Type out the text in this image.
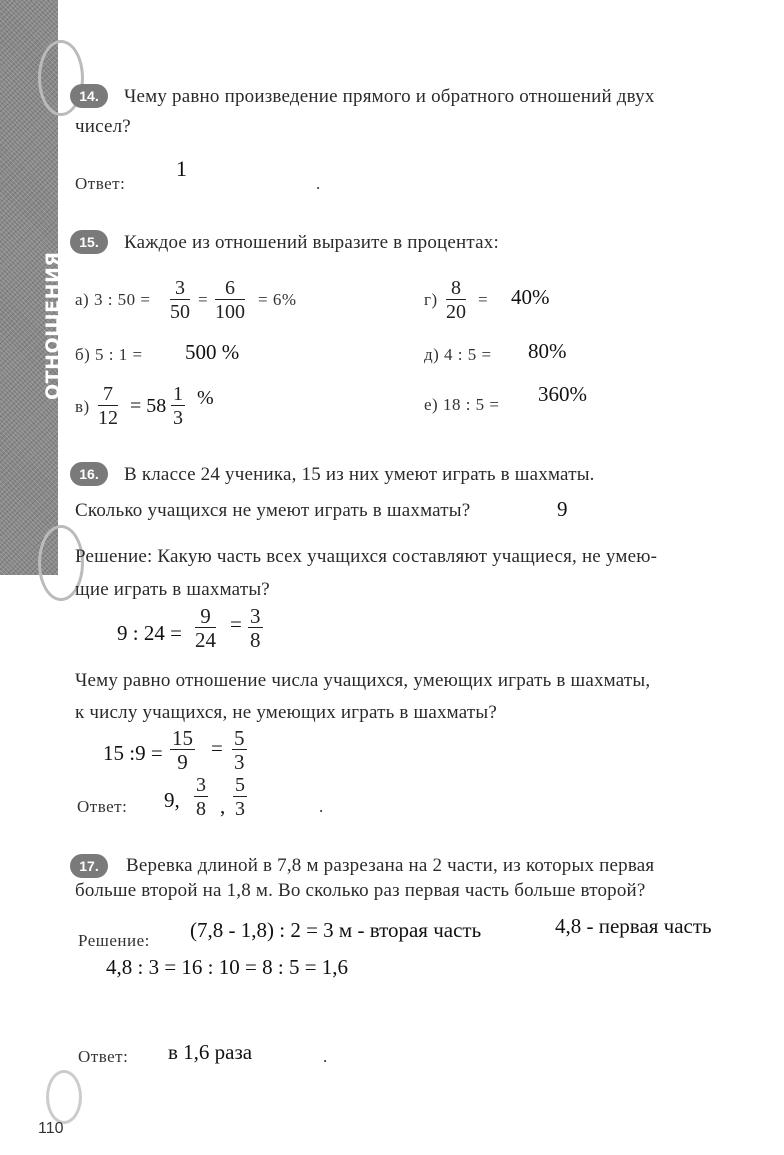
ОТНОШЕНИЯ
14.	Чему равно произведение прямого и обратного отношений двух
чисел?
Ответ:
1
.
15.	Каждое из отношений выразите в процентах:
а) 3 : $50 = \frac{3}{50} = \frac{6}{100} = 6\%$	$г) \frac{8}{20} = 40\%$
б) 5 : 1 = 500 %	д) 4 : 5 = 80%
$в) \frac{7}{12} = 58 \frac{1}{3}$ %	е) 18 : 5 = 360%
16.	В классе 24 ученика, 15 из них умеют играть в шахматы.
Сколько учащихся не умеют играть в шахматы?	9
Решение: Какую часть всех учащихся составляют учащиеся, не умею-
щие играть в шахматы?
9 : $24 = \frac{9}{24} = \frac{3}{8}$
Чему равно отношение числа учащихся, умеющих играть в шахматы,
к числу учащихся, не умеющих играть в шахматы?
15 :9 = $\frac{15}{9} = \frac{5}{3}$
Ответ: 9, $\frac{3}{8}$ , $\frac{5}{3}$	.
17.	Веревка длиной в 7,8 м разрезана на 2 части, из которых первая
больше второй на 1,8 м. Во сколько раз первая часть больше второй?
Решение: (7,8 - 1,8) : 2 = 3 м - вторая часть	4,8 - первая часть
4,8 : 3 = 16 : 10 = 8 : 5 = 1,6
Ответ: в 1,6 раза	.
110
